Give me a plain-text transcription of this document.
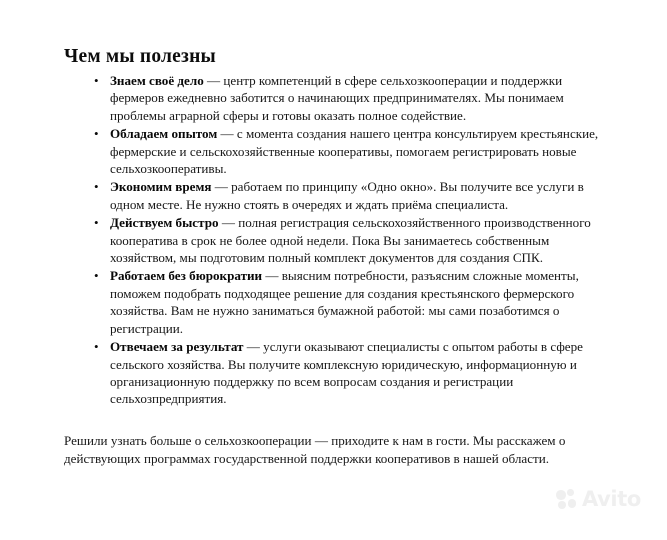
Чем мы полезны
• Знаем своё дело — центр компетенций в сфере сельхозкооперации и поддержки фермеров ежедневно заботится о начинающих предпринимателях. Мы понимаем проблемы аграрной сферы и готовы оказать полное содействие.
• Обладаем опытом — с момента создания нашего центра консультируем крестьянские, фермерские и сельскохозяйственные кооперативы, помогаем регистрировать новые сельхозкооперативы.
• Экономим время — работаем по принципу «Одно окно». Вы получите все услуги в одном месте. Не нужно стоять в очередях и ждать приёма специалиста.
• Действуем быстро — полная регистрация сельскохозяйственного производственного кооператива в срок не более одной недели. Пока Вы занимаетесь собственным хозяйством, мы подготовим полный комплект документов для создания СПК.
• Работаем без бюрократии — выясним потребности, разъясним сложные моменты, поможем подобрать подходящее решение для создания крестьянского фермерского хозяйства. Вам не нужно заниматься бумажной работой: мы сами позаботимся о регистрации.
• Отвечаем за результат — услуги оказывают специалисты с опытом работы в сфере сельского хозяйства. Вы получите комплексную юридическую, информационную и организационную поддержку по всем вопросам создания и регистрации сельхозпредприятия.

Решили узнать больше о сельхозкооперации — приходите к нам в гости. Мы расскажем о действующих программах государственной поддержки кооперативов в нашей области.

Avito
